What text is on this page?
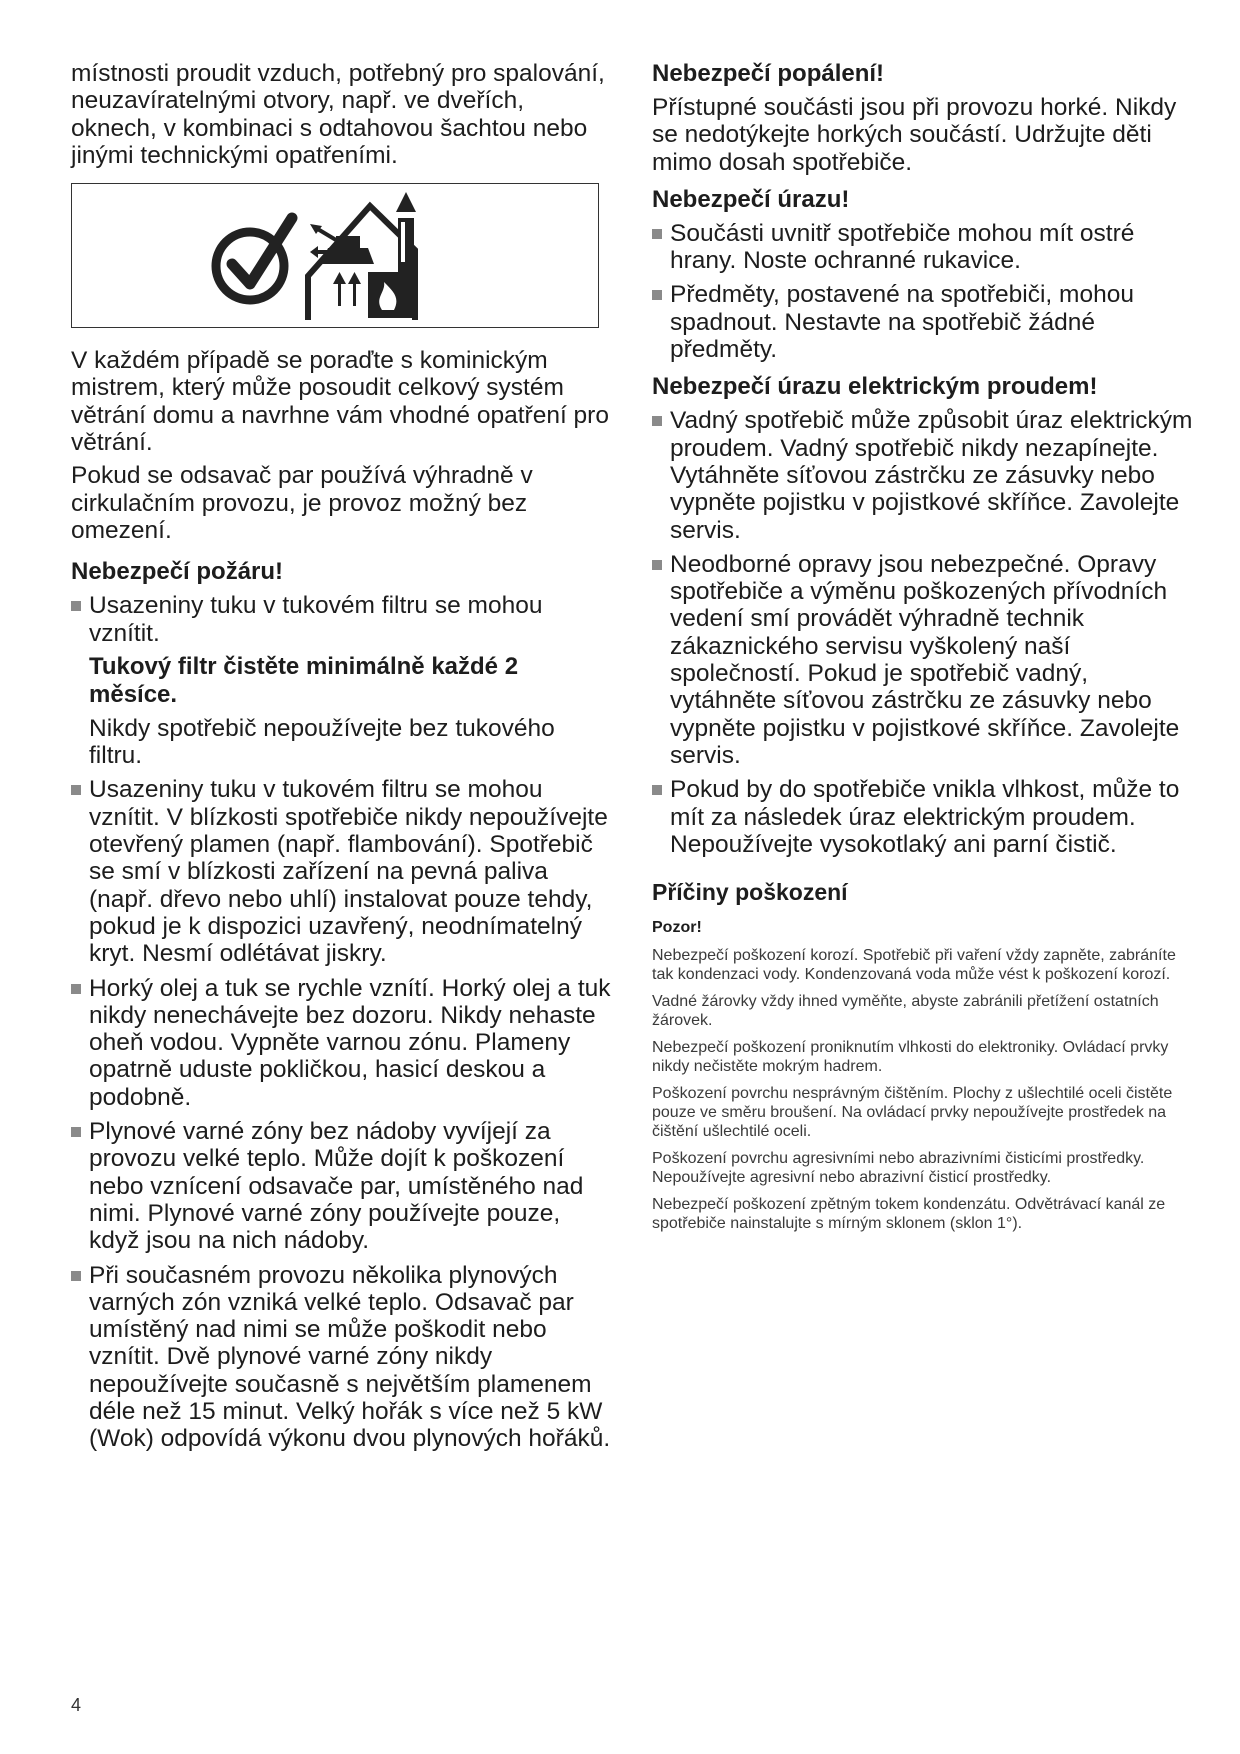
místnosti proudit vzduch, potřebný pro spalování, neuzavíratelnými otvory, např. ve dveřích, oknech, v kombinaci s odtahovou šachtou nebo jinými technickými opatřeními.

V každém případě se poraďte s kominickým mistrem, který může posoudit celkový systém větrání domu a navrhne vám vhodné opatření pro větrání.

Pokud se odsavač par používá výhradně v cirkulačním provozu, je provoz možný bez omezení.

Nebezpečí požáru!

Usazeniny tuku v tukovém filtru se mohou vznítit.

Tukový filtr čistěte minimálně každé 2 měsíce.

Nikdy spotřebič nepoužívejte bez tukového filtru.

Usazeniny tuku v tukovém filtru se mohou vznítit. V blízkosti spotřebiče nikdy nepoužívejte otevřený plamen (např. flambování). Spotřebič se smí v blízkosti zařízení na pevná paliva (např. dřevo nebo uhlí) instalovat pouze tehdy, pokud je k dispozici uzavřený, neodnímatelný kryt. Nesmí odlétávat jiskry.
Horký olej a tuk se rychle vznítí. Horký olej a tuk nikdy nenechávejte bez dozoru. Nikdy nehaste oheň vodou. Vypněte varnou zónu. Plameny opatrně uduste pokličkou, hasicí deskou a podobně.
Plynové varné zóny bez nádoby vyvíjejí za provozu velké teplo. Může dojít k poškození nebo vznícení odsavače par, umístěného nad nimi. Plynové varné zóny používejte pouze, když jsou na nich nádoby.
Při současném provozu několika plynových varných zón vzniká velké teplo. Odsavač par umístěný nad nimi se může poškodit nebo vznítit. Dvě plynové varné zóny nikdy nepoužívejte současně s největším plamenem déle než 15 minut. Velký hořák s více než 5 kW (Wok) odpovídá výkonu dvou plynových hořáků.

Nebezpečí popálení!

Přístupné součásti jsou při provozu horké. Nikdy se nedotýkejte horkých součástí. Udržujte děti mimo dosah spotřebiče.

Nebezpečí úrazu!

Součásti uvnitř spotřebiče mohou mít ostré hrany. Noste ochranné rukavice.
Předměty, postavené na spotřebiči, mohou spadnout. Nestavte na spotřebič žádné předměty.

Nebezpečí úrazu elektrickým proudem!

Vadný spotřebič může způsobit úraz elektrickým proudem. Vadný spotřebič nikdy nezapínejte. Vytáhněte síťovou zástrčku ze zásuvky nebo vypněte pojistku v pojistkové skříňce. Zavolejte servis.
Neodborné opravy jsou nebezpečné. Opravy spotřebiče a výměnu poškozených přívodních vedení smí provádět výhradně technik zákaznického servisu vyškolený naší společností. Pokud je spotřebič vadný, vytáhněte síťovou zástrčku ze zásuvky nebo vypněte pojistku v pojistkové skříňce. Zavolejte servis.
Pokud by do spotřebiče vnikla vlhkost, může to mít za následek úraz elektrickým proudem. Nepoužívejte vysokotlaký ani parní čistič.

Příčiny poškození

Pozor!

Nebezpečí poškození korozí. Spotřebič při vaření vždy zapněte, zabráníte tak kondenzaci vody. Kondenzovaná voda může vést k poškození korozí.

Vadné žárovky vždy ihned vyměňte, abyste zabránili přetížení ostatních žárovek.

Nebezpečí poškození proniknutím vlhkosti do elektroniky. Ovládací prvky nikdy nečistěte mokrým hadrem.

Poškození povrchu nesprávným čištěním. Plochy z ušlechtilé oceli čistěte pouze ve směru broušení. Na ovládací prvky nepoužívejte prostředek na čištění ušlechtilé oceli.

Poškození povrchu agresivními nebo abrazivními čisticími prostředky. Nepoužívejte agresivní nebo abrazivní čisticí prostředky.

Nebezpečí poškození zpětným tokem kondenzátu. Odvětrávací kanál ze spotřebiče nainstalujte s mírným sklonem (sklon 1°).

4
